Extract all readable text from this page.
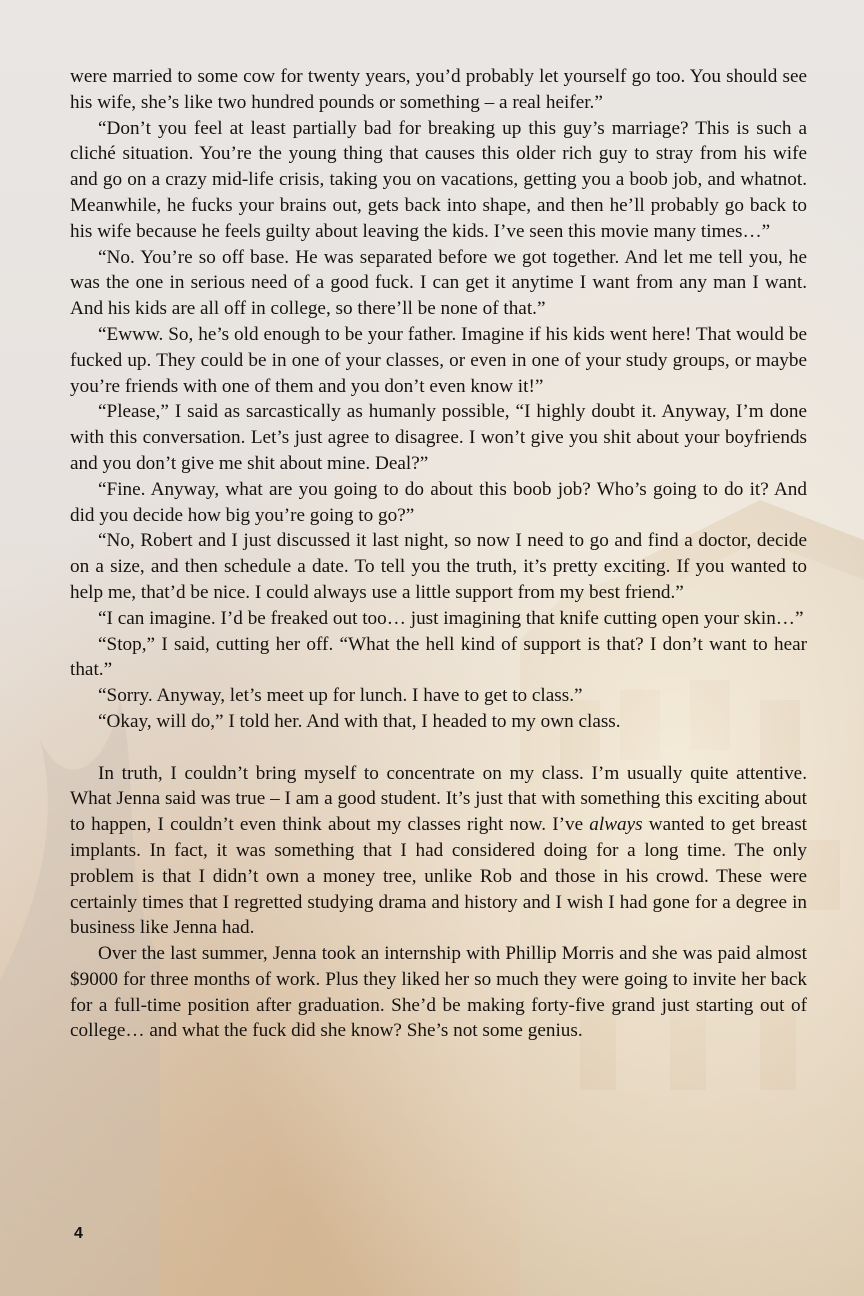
were married to some cow for twenty years, you’d probably let yourself go too. You should see his wife, she’s like two hundred pounds or something – a real heifer.”

“Don’t you feel at least partially bad for breaking up this guy’s marriage? This is such a cliché situation. You’re the young thing that causes this older rich guy to stray from his wife and go on a crazy mid-life crisis, taking you on vacations, getting you a boob job, and whatnot. Meanwhile, he fucks your brains out, gets back into shape, and then he’ll probably go back to his wife because he feels guilty about leaving the kids. I’ve seen this movie many times…”

“No. You’re so off base. He was separated before we got together. And let me tell you, he was the one in serious need of a good fuck. I can get it anytime I want from any man I want. And his kids are all off in college, so there’ll be none of that.”

“Ewww. So, he’s old enough to be your father. Imagine if his kids went here! That would be fucked up. They could be in one of your classes, or even in one of your study groups, or maybe you’re friends with one of them and you don’t even know it!”

“Please,” I said as sarcastically as humanly possible, “I highly doubt it. Anyway, I’m done with this conversation. Let’s just agree to disagree. I won’t give you shit about your boyfriends and you don’t give me shit about mine. Deal?”

“Fine. Anyway, what are you going to do about this boob job? Who’s going to do it? And did you decide how big you’re going to go?”

“No, Robert and I just discussed it last night, so now I need to go and find a doctor, decide on a size, and then schedule a date. To tell you the truth, it’s pretty exciting. If you wanted to help me, that’d be nice. I could always use a little support from my best friend.”

“I can imagine. I’d be freaked out too… just imagining that knife cutting open your skin…”

“Stop,” I said, cutting her off. “What the hell kind of support is that? I don’t want to hear that.”

“Sorry. Anyway, let’s meet up for lunch. I have to get to class.”

“Okay, will do,” I told her. And with that, I headed to my own class.

In truth, I couldn’t bring myself to concentrate on my class. I’m usually quite attentive. What Jenna said was true – I am a good student. It’s just that with something this exciting about to happen, I couldn’t even think about my classes right now. I’ve always wanted to get breast implants. In fact, it was something that I had considered doing for a long time. The only problem is that I didn’t own a money tree, unlike Rob and those in his crowd. These were certainly times that I regretted studying drama and history and I wish I had gone for a degree in business like Jenna had.

Over the last summer, Jenna took an internship with Phillip Morris and she was paid almost $9000 for three months of work. Plus they liked her so much they were going to invite her back for a full-time position after graduation. She’d be making forty-five grand just starting out of college… and what the fuck did she know? She’s not some genius.

4
